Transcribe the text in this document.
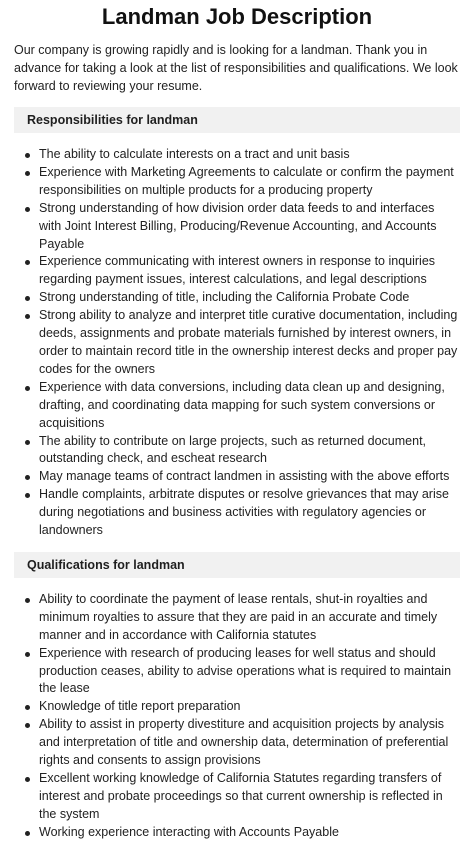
Landman Job Description

Our company is growing rapidly and is looking for a landman. Thank you in advance for taking a look at the list of responsibilities and qualifications. We look forward to reviewing your resume.

Responsibilities for landman
The ability to calculate interests on a tract and unit basis
Experience with Marketing Agreements to calculate or confirm the payment responsibilities on multiple products for a producing property
Strong understanding of how division order data feeds to and interfaces with Joint Interest Billing, Producing/Revenue Accounting, and Accounts Payable
Experience communicating with interest owners in response to inquiries regarding payment issues, interest calculations, and legal descriptions
Strong understanding of title, including the California Probate Code
Strong ability to analyze and interpret title curative documentation, including deeds, assignments and probate materials furnished by interest owners, in order to maintain record title in the ownership interest decks and proper pay codes for the owners
Experience with data conversions, including data clean up and designing, drafting, and coordinating data mapping for such system conversions or acquisitions
The ability to contribute on large projects, such as returned document, outstanding check, and escheat research
May manage teams of contract landmen in assisting with the above efforts
Handle complaints, arbitrate disputes or resolve grievances that may arise during negotiations and business activities with regulatory agencies or landowners
Qualifications for landman
Ability to coordinate the payment of lease rentals, shut-in royalties and minimum royalties to assure that they are paid in an accurate and timely manner and in accordance with California statutes
Experience with research of producing leases for well status and should production ceases, ability to advise operations what is required to maintain the lease
Knowledge of title report preparation
Ability to assist in property divestiture and acquisition projects by analysis and interpretation of title and ownership data, determination of preferential rights and consents to assign provisions
Excellent working knowledge of California Statutes regarding transfers of interest and probate proceedings so that current ownership is reflected in the system
Working experience interacting with Accounts Payable
